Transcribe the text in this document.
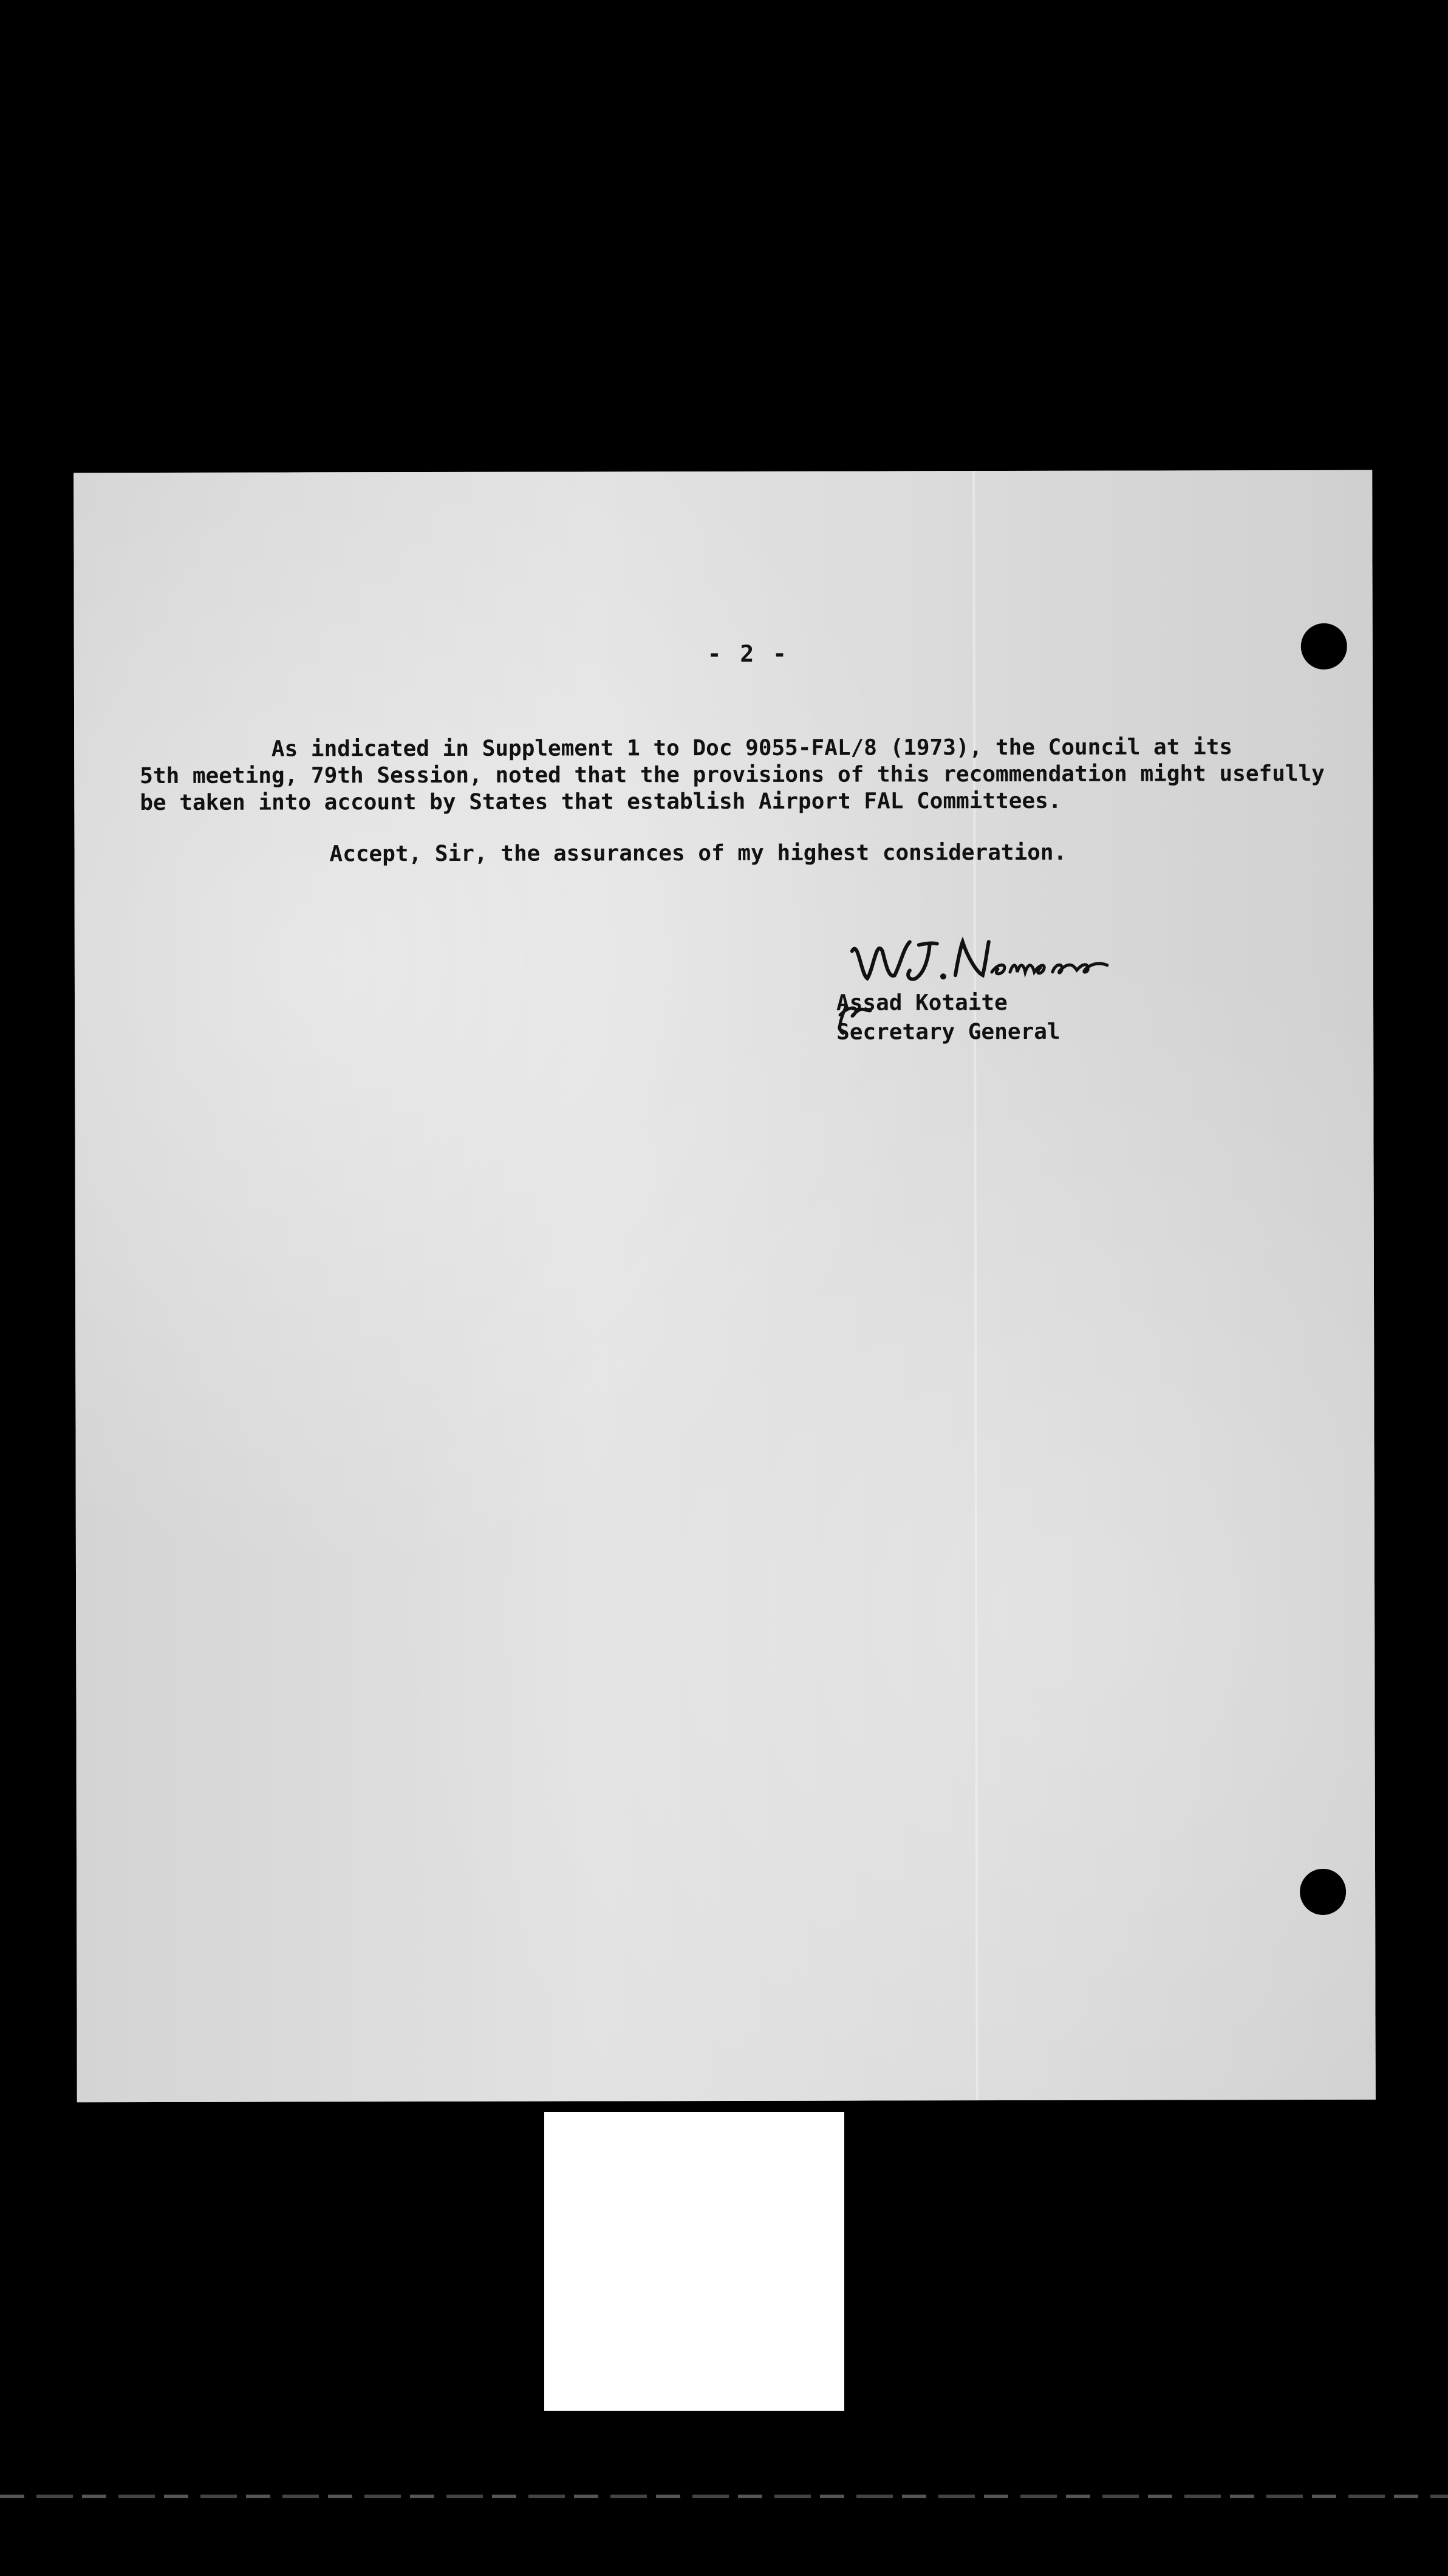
- 2 -
As indicated in Supplement 1 to Doc 9055-FAL/8 (1973), the Council at its
5th meeting, 79th Session, noted that the provisions of this recommendation might usefully
be taken into account by States that establish Airport FAL Committees.
Accept, Sir, the assurances of my highest consideration.
Assad Kotaite
Secretary General
